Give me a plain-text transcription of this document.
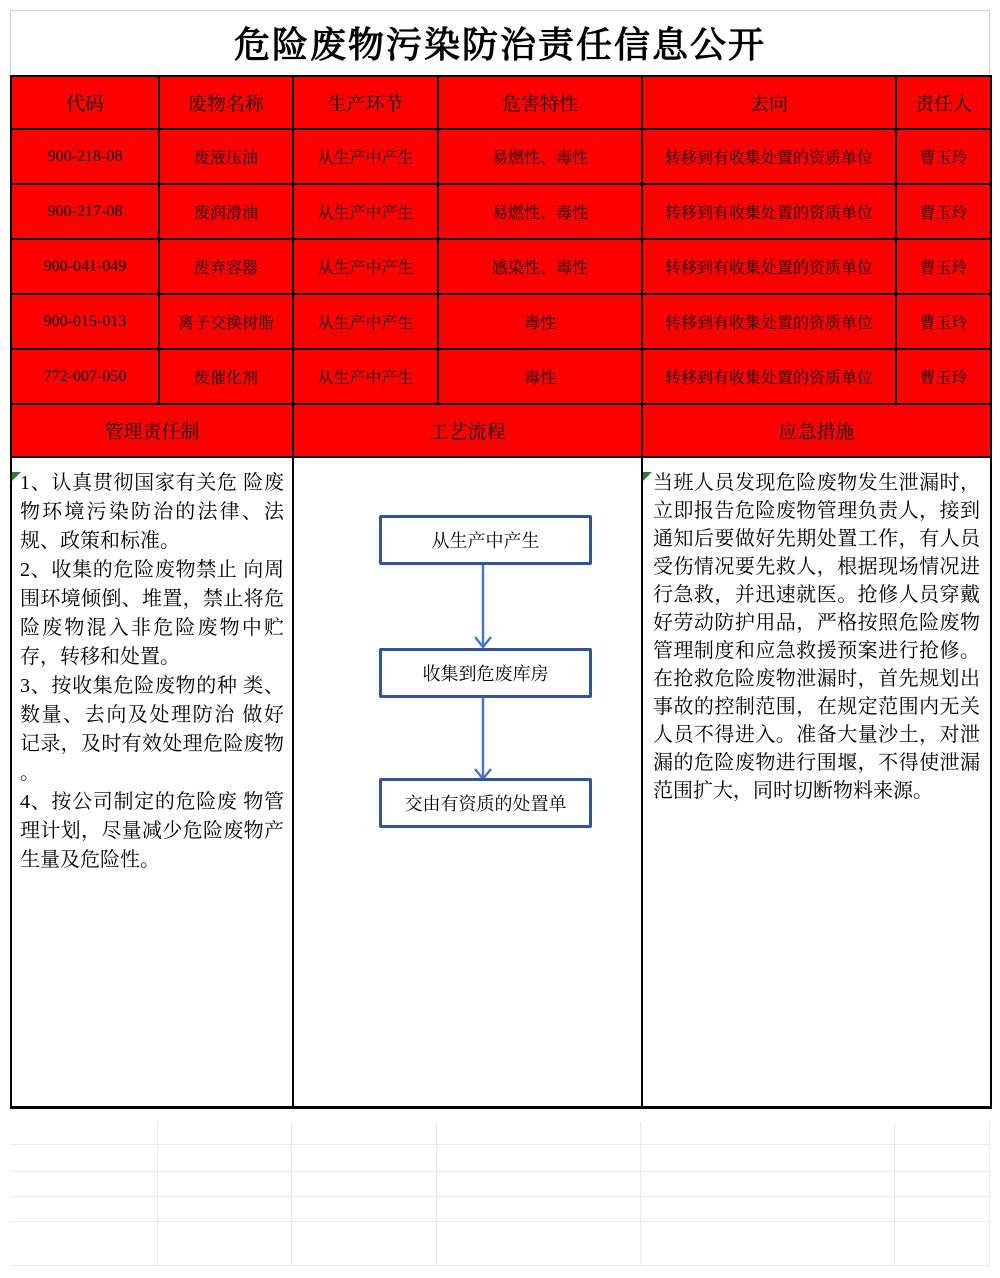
危险废物污染防治责任信息公开
代码	废物名称	生产环节	危害特性	去向	责任人
900-218-08	废液压油	从生产中产生	易燃性、毒性	转移到有收集处置的资质单位	曹玉玲
900-217-08	废润滑油	从生产中产生	易燃性、毒性	转移到有收集处置的资质单位	曹玉玲
900-041-049	废弃容器	从生产中产生	感染性、毒性	转移到有收集处置的资质单位	曹玉玲
900-015-013	离子交换树脂	从生产中产生	毒性	转移到有收集处置的资质单位	曹玉玲
772-007-050	废催化剂	从生产中产生	毒性	转移到有收集处置的资质单位	曹玉玲
管理责任制		工艺流程		应急措施	

1、认真贯彻国家有关危 险废物环境污染防治的法律、法规、政策和标准。

2、收集的危险废物禁止 向周围环境倾倒、堆置，禁止将危险废物混入非危险废物中贮存，转移和处置。

3、按收集危险废物的种 类、数量、去向及处理防治 做好记录，及时有效处理危险废物 。

4、按公司制定的危险废 物管理计划，尽量减少危险废物产生量及危险性。

从生产中产生
收集到危废库房
交由有资质的处置单

当班人员发现危险废物发生泄漏时，立即报告危险废物管理负责人，接到通知后要做好先期处置工作，有人员受伤情况要先救人，根据现场情况进行急救，并迅速就医。抢修人员穿戴好劳动防护用品，严格按照危险废物管理制度和应急救援预案进行抢修。在抢救危险废物泄漏时，首先规划出事故的控制范围，在规定范围内无关人员不得进入。准备大量沙土，对泄漏的危险废物进行围堰，不得使泄漏范围扩大，同时切断物料来源。
